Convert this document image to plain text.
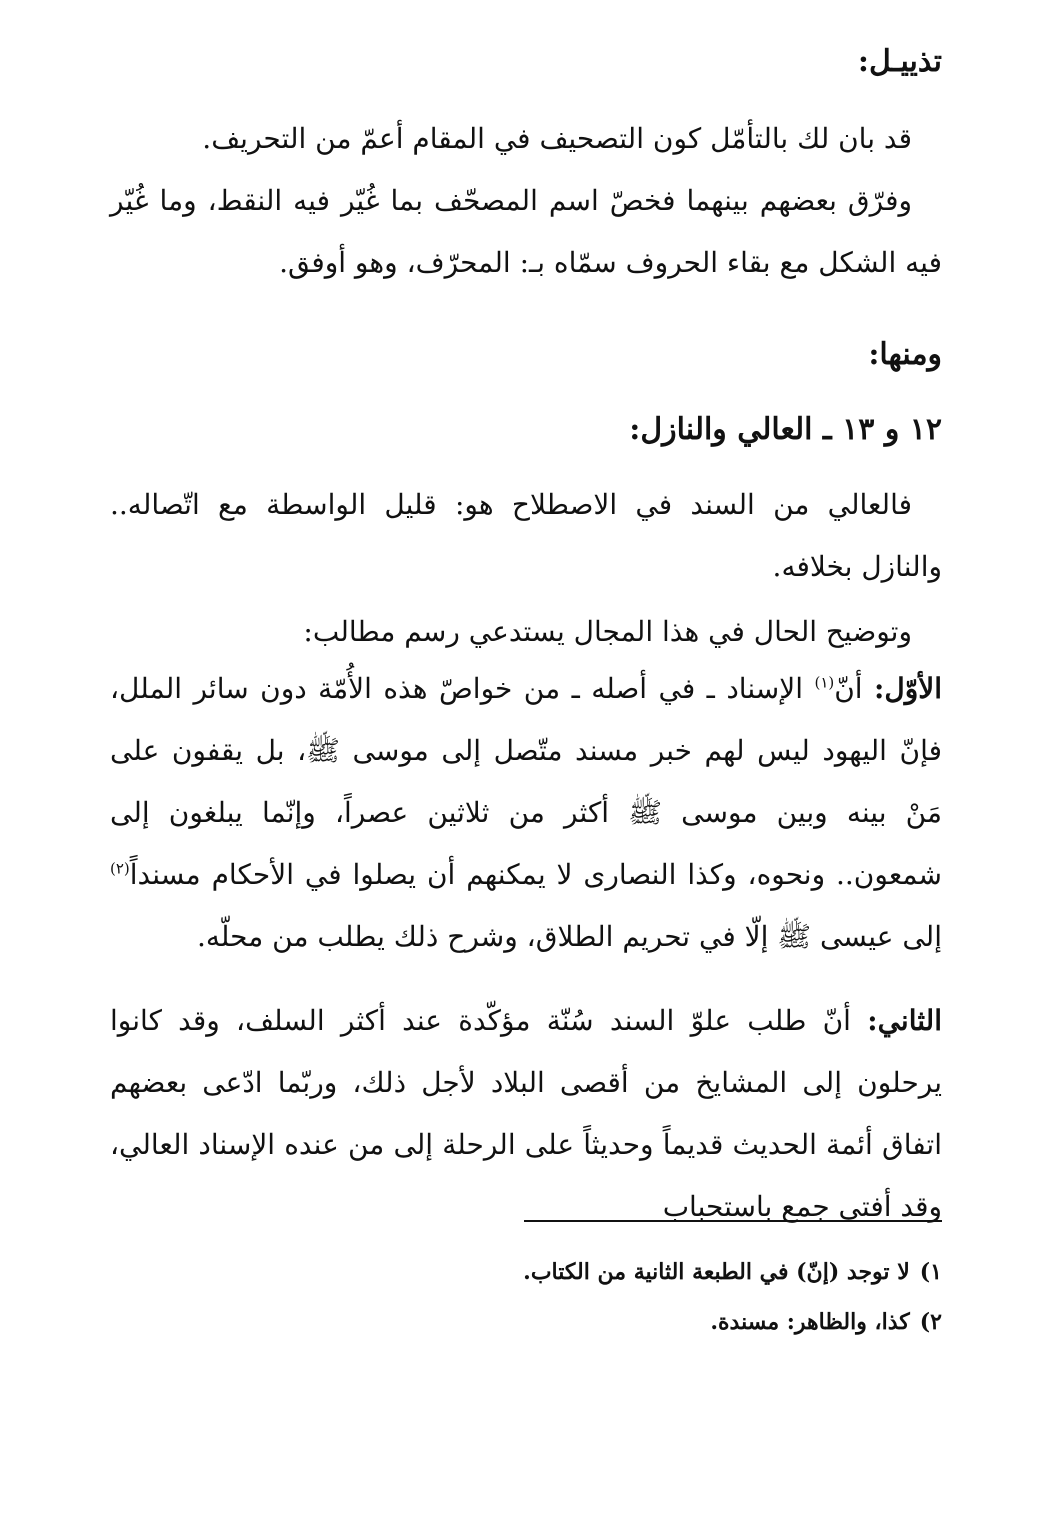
تذييـل:

قد بان لك بالتأمّل كون التصحيف في المقام أعمّ من التحريف.

وفرّق بعضهم بينهما فخصّ اسم المصحّف بما غُيّر فيه النقط، وما غُيّر فيه الشكل مع بقاء الحروف سمّاه بـ: المحرّف، وهو أوفق.

ومنها:
١٢ و ١٣ ـ العالي والنازل:

فالعالي من السند في الاصطلاح هو: قليل الواسطة مع اتّصاله.. والنازل بخلافه.

وتوضيح الحال في هذا المجال يستدعي رسم مطالب:

الأوّل: أنّ$^{(١)}$ الإسناد ـ في أصله ـ من خواصّ هذه الأُمّة دون سائر الملل، فإنّ اليهود ليس لهم خبر مسند متّصل إلى موسى ﷺ، بل يقفون على مَنْ بينه وبين موسى ﷺ أكثر من ثلاثين عصراً، وإنّما يبلغون إلى شمعون.. ونحوه، وكذا النصارى لا يمكنهم أن يصلوا في الأحكام مسنداً$^{(٢)}$ إلى عيسى ﷺ إلّا في تحريم الطلاق، وشرح ذلك يطلب من محلّه.

الثاني: أنّ طلب علوّ السند سُنّة مؤكّدة عند أكثر السلف، وقد كانوا يرحلون إلى المشايخ من أقصى البلاد لأجل ذلك، وربّما ادّعى بعضهم اتفاق أئمة الحديث قديماً وحديثاً على الرحلة إلى من عنده الإسناد العالي، وقد أفتى جمع باستحباب

١)لا توجد (إنّ) في الطبعة الثانية من الكتاب.

٢)كذا، والظاهر: مسندة.
